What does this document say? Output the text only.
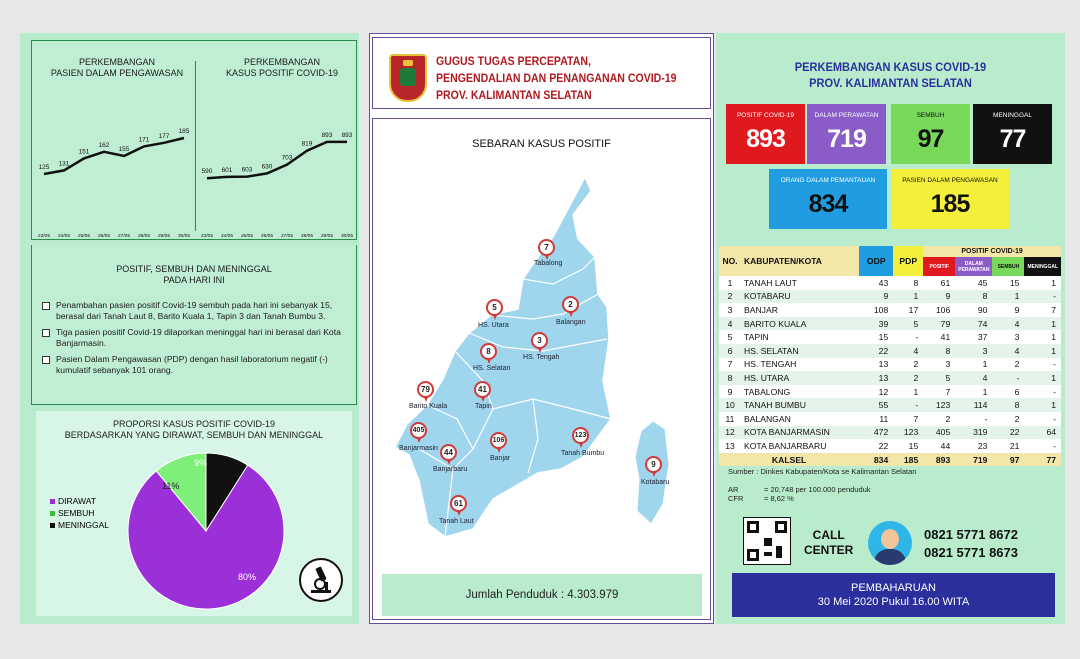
PERKEMBANGAN
PASIEN DALAM PENGAWASAN
PERKEMBANGAN
KASUS POSITIF COVID-19
125
23/05
131
24/05
151
25/05
162
26/05
155
27/05
171
28/05
177
29/05
185
30/05
590
23/05
601
24/05
603
25/05
630
26/05
703
27/05
819
28/05
893
29/05
893
30/05
POSITIF, SEMBUH DAN MENINGGAL
PADA HARI INI
Penambahan pasien positif Covid-19 sembuh pada hari ini sebanyak 15, berasal dari Tanah Laut 8, Barito Kuala 1, Tapin 3 dan Tanah Bumbu 3.
Tiga pasien positif Covid-19 dilaporkan meninggal hari ini berasal dari Kota Banjarmasin.
Pasien Dalam Pengawasan (PDP) dengan hasil laboratorium negatif (-) kumulatif sebanyak 101 orang.
PROPORSI KASUS POSITIF COVID-19
BERDASARKAN YANG DIRAWAT, SEMBUH DAN MENINGGAL
80%
11%
9%
DIRAWAT
SEMBUH
MENINGGAL
GUGUS TUGAS PERCEPATAN,
PENGENDALIAN DAN PENANGANAN COVID-19
PROV. KALIMANTAN SELATAN
SEBARAN KASUS POSITIF
7
Tabalong
5
HS. Utara
2
Balangan
3
HS. Tengah
8
HS. Selatan
79
Barito Kuala
41
Tapin
405
Banjarmasin 44
Banjarbaru
106
Banjar
123
Tanah Bumbu
9
Kotabaru
61
Tanah Laut
Jumlah Penduduk : 4.303.979
PERKEMBANGAN KASUS COVID-19
PROV. KALIMANTAN SELATAN
POSITIF COVID-19
893
DALAM PERAWATAN
719
SEMBUH
97
MENINGGAL
77
ORANG DALAM PEMANTAUAN
834
PASIEN DALAM PENGAWASAN
185
NO.	KABUPATEN/KOTA	ODP	PDP	POSITIF COVID-19			
				POSITIF	DALAM PERAWATAN	SEMBUH	MENINGGAL
1	TANAH LAUT	43	8	61	45	15	1
2	KOTABARU	9	1	9	8	1	-
3	BANJAR	108	17	106	90	9	7
4	BARITO KUALA	39	5	79	74	4	1
5	TAPIN	15	-	41	37	3	1
6	HS. SELATAN	22	4	8	3	4	1
7	HS. TENGAH	13	2	3	1	2	-
8	HS. UTARA	13	2	5	4	-	1
9	TABALONG	12	1	7	1	6	-
10	TANAH BUMBU	55	-	123	114	8	1
11	BALANGAN	11	7	2	-	2	-
12	KOTA BANJARMASIN	472	123	405	319	22	64
13	KOTA BANJARBARU	22	15	44	23	21	-
KALSEL		834	185	893	719	97	77
Sumber : Dinkes Kabupaten/Kota se Kalimantan Selatan
AR	= 20,748 per 100.000 penduduk
CFR	= 8,62 %
CALL
CENTER
0821 5771 8672
0821 5771 8673
PEMBAHARUAN
30 Mei 2020 Pukul 16.00 WITA
